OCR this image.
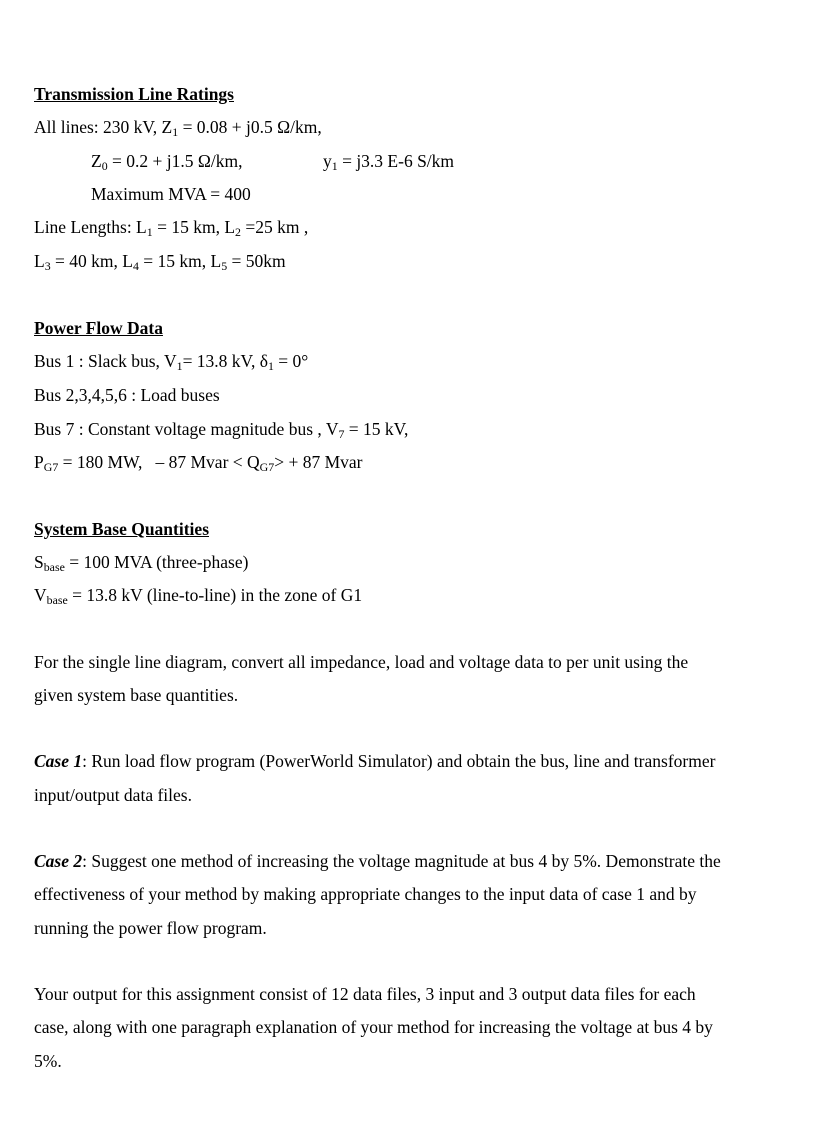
Transmission Line Ratings
All lines: 230 kV, $Z_1 = 0.08 + j0.5$ Ω/km,
$Z_0 = 0.2 + j1.5$ Ω/km,	$y_1 = j3.3$ E-6 S/km
Maximum MVA = 400
Line Lengths: $L_1 = 15$ km, $L_2 =25$ km ,
$L_3 = 40$ km, $L_4 = 15$ km, $L_5 = 50km$
Power Flow Data
Bus 1 : Slack bus, $V_1= 13.8$ kV, $\delta_1 = 0^\circ$
Bus 2,3,4,5,6 : Load buses
Bus 7 : Constant voltage magnitude bus , $V_7 = 15$ kV,
$P_{G7} = 180$ MW,   – 87 Mvar < $Q_{G7}> + 87$ Mvar
System Base Quantities
$S_{base} = 100$ MVA (three-phase)
$V_{base} = 13.8$ kV (line-to-line) in the zone of G1
For the single line diagram, convert all impedance, load and voltage data to per unit using the
given system base quantities.
Case 1: Run load flow program (PowerWorld Simulator) and obtain the bus, line and transformer
input/output data files.
Case 2: Suggest one method of increasing the voltage magnitude at bus 4 by 5%. Demonstrate the
effectiveness of your method by making appropriate changes to the input data of case 1 and by
running the power flow program.
Your output for this assignment consist of 12 data files, 3 input and 3 output data files for each
case, along with one paragraph explanation of your method for increasing the voltage at bus 4 by
5%.
